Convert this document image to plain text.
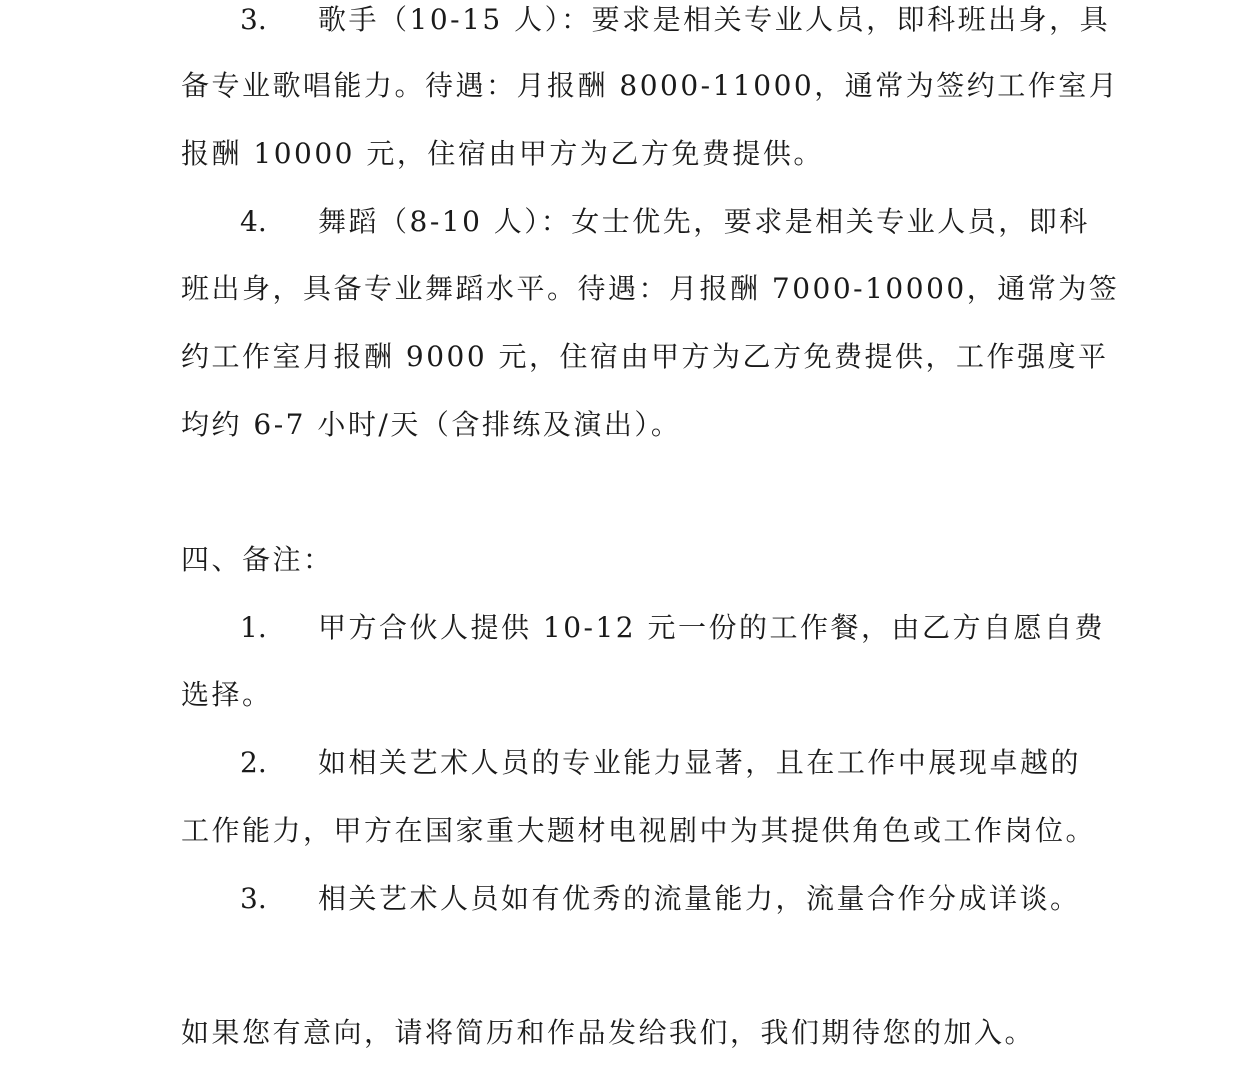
3. 歌手（10-15 人）：要求是相关专业人员，即科班出身，具
备专业歌唱能力。待遇：月报酬 8000-11000，通常为签约工作室月
报酬 10000 元，住宿由甲方为乙方免费提供。
4. 舞蹈（8-10 人）：女士优先，要求是相关专业人员，即科
班出身，具备专业舞蹈水平。待遇：月报酬 7000-10000，通常为签
约工作室月报酬 9000 元，住宿由甲方为乙方免费提供，工作强度平
均约 6-7 小时/天（含排练及演出）。
四、备注：
1. 甲方合伙人提供 10-12 元一份的工作餐，由乙方自愿自费
选择。
2. 如相关艺术人员的专业能力显著，且在工作中展现卓越的
工作能力，甲方在国家重大题材电视剧中为其提供角色或工作岗位。
3. 相关艺术人员如有优秀的流量能力，流量合作分成详谈。
如果您有意向，请将简历和作品发给我们，我们期待您的加入。
